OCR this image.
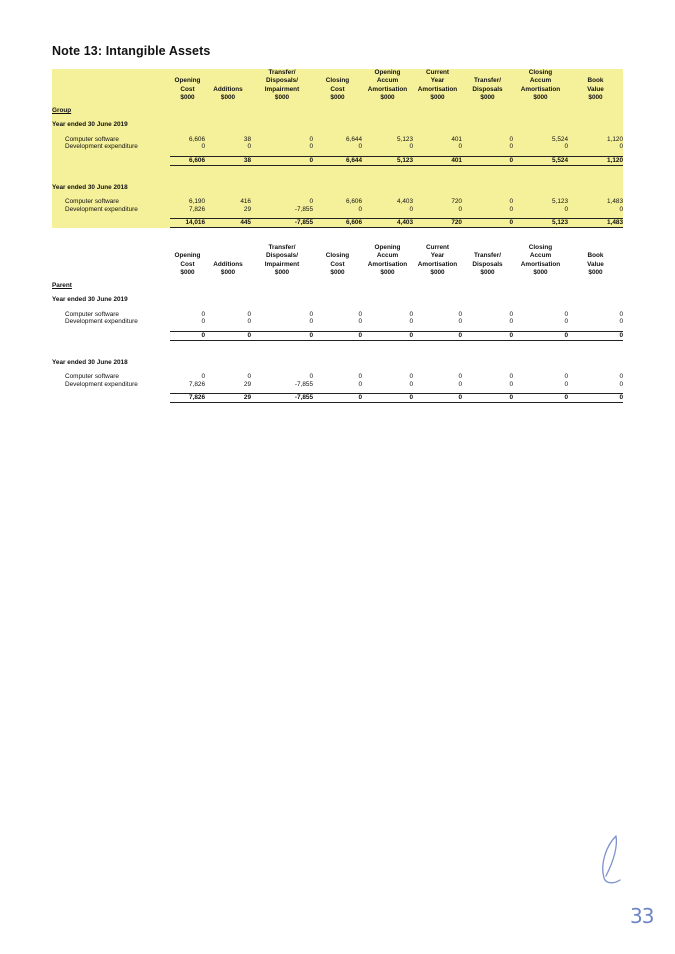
Note 13: Intangible Assets
			Transfer/		Opening	Current		Closing	
	Opening		Disposals/	Closing	Accum	Year	Transfer/	Accum	Book
	Cost	Additions	Impairment	Cost	Amortisation	Amortisation	Disposals	Amortisation	Value
	$000	$000	$000	$000	$000	$000	$000	$000	$000
Group									
Year ended 30 June 2019									
Computer software	6,606	38	0	6,644	5,123	401	0	5,524	1,120
Development expenditure	0	0	0	0	0	0	0	0	0

	6,606	38	0	6,644	5,123	401	0	5,524	1,120

Year ended 30 June 2018									
Computer software	6,190	416	0	6,606	4,403	720	0	5,123	1,483
Development expenditure	7,826	29	-7,855	0	0	0	0	0	0

	14,016	445	-7,855	6,606	4,403	720	0	5,123	1,483
			Transfer/		Opening	Current		Closing	
	Opening		Disposals/	Closing	Accum	Year	Transfer/	Accum	Book
	Cost	Additions	Impairment	Cost	Amortisation	Amortisation	Disposals	Amortisation	Value
	$000	$000	$000	$000	$000	$000	$000	$000	$000
Parent									
Year ended 30 June 2019									
Computer software	0	0	0	0	0	0	0	0	0
Development expenditure	0	0	0	0	0	0	0	0	0

	0	0	0	0	0	0	0	0	0

Year ended 30 June 2018									
Computer software	0	0	0	0	0	0	0	0	0
Development expenditure	7,826	29	-7,855	0	0	0	0	0	0

	7,826	29	-7,855	0	0	0	0	0	0
33
